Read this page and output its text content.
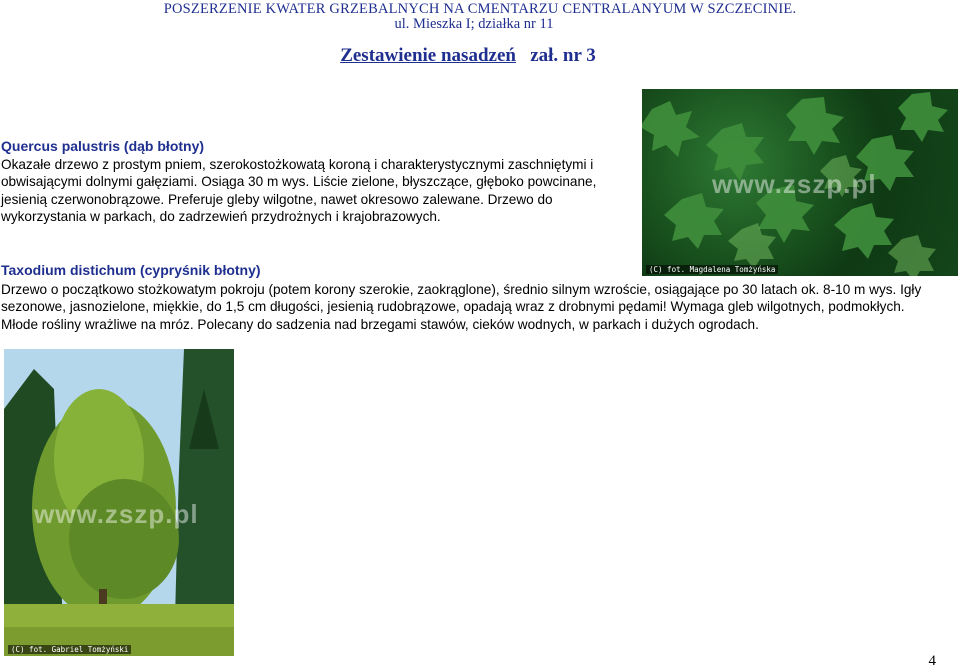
POSZERZENIE KWATER GRZEBALNYCH NA CMENTARZU CENTRALANYUM W SZCZECINIE.
ul. Mieszka I; działka nr 11
Zestawienie nasadzeń   zał. nr 3
Quercus palustris (dąb błotny)
Okazałe drzewo z prostym pniem, szerokostożkowatą koroną i charakterystycznymi zaschniętymi i obwisającymi dolnymi gałęziami. Osiąga 30 m wys. Liście zielone, błyszczące, głęboko powcinane, jesienią czerwonobrązowe. Preferuje gleby wilgotne, nawet okresowo zalewane. Drzewo do wykorzystania w parkach, do zadrzewień przydrożnych i krajobrazowych.
www.zszp.pl
(C) fot. Magdalena Tomżyńska
Taxodium distichum (cypryśnik błotny)
Drzewo o początkowo stożkowatym pokroju (potem korony szerokie, zaokrąglone), średnio silnym wzroście, osiągające po 30 latach ok. 8-10 m wys. Igły sezonowe, jasnozielone, miękkie, do 1,5 cm długości, jesienią rudobrązowe, opadają wraz z drobnymi pędami! Wymaga gleb wilgotnych, podmokłych. Młode rośliny wrażliwe na mróz. Polecany do sadzenia nad brzegami stawów, cieków wodnych, w parkach i dużych ogrodach.
www.zszp.pl
(C) fot. Gabriel Tomżyński
4
